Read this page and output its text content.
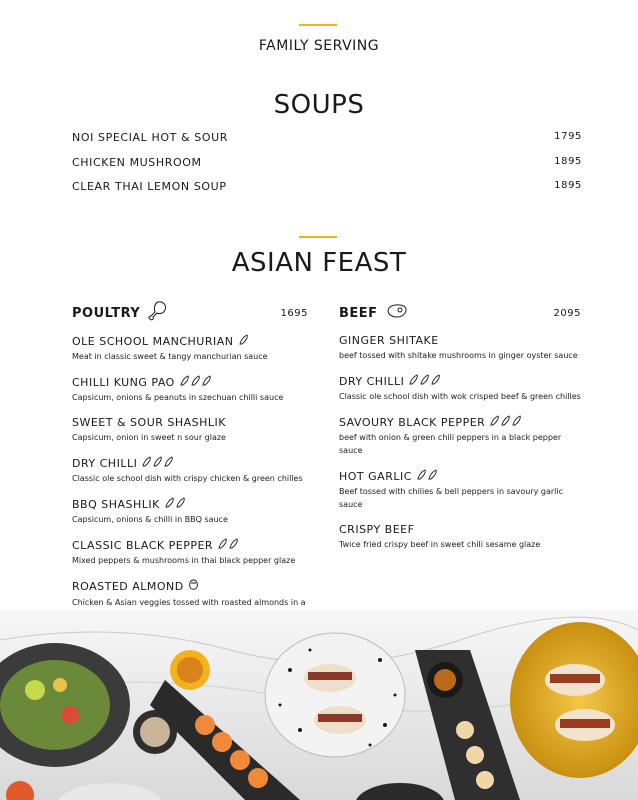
FAMILY SERVING
SOUPS
NOI SPECIAL HOT & SOUR	1795
CHICKEN MUSHROOM	1895
CLEAR THAI LEMON SOUP	1895
ASIAN FEAST
POULTRY	1695
OLE SCHOOL MANCHURIAN
Meat in classic sweet & tangy manchurian sauce
CHILLI KUNG PAO
Capsicum, onions & peanuts in szechuan chilli sauce
SWEET & SOUR SHASHLIK
Capsicum, onion in sweet n sour glaze
DRY CHILLI
Classic ole school dish with crispy chicken & green chilles
BBQ SHASHLIK
Capsicum, onions & chilli in BBQ sauce
CLASSIC BLACK PEPPER
Mixed peppers & mushrooms in thai black pepper glaze
ROASTED ALMOND
Chicken & Asian veggies tossed with roasted almonds in a
BEEF	2095
GINGER SHITAKE
beef tossed with shitake mushrooms in ginger oyster sauce
DRY CHILLI
Classic ole school dish with wok crisped beef & green chilles
SAVOURY BLACK PEPPER
beef with onion & green chili peppers in a black pepper sauce
HOT GARLIC
Beef tossed with chilies & bell peppers in savoury garlic sauce
CRISPY BEEF
Twice fried crispy beef in sweet chili sesame glaze
